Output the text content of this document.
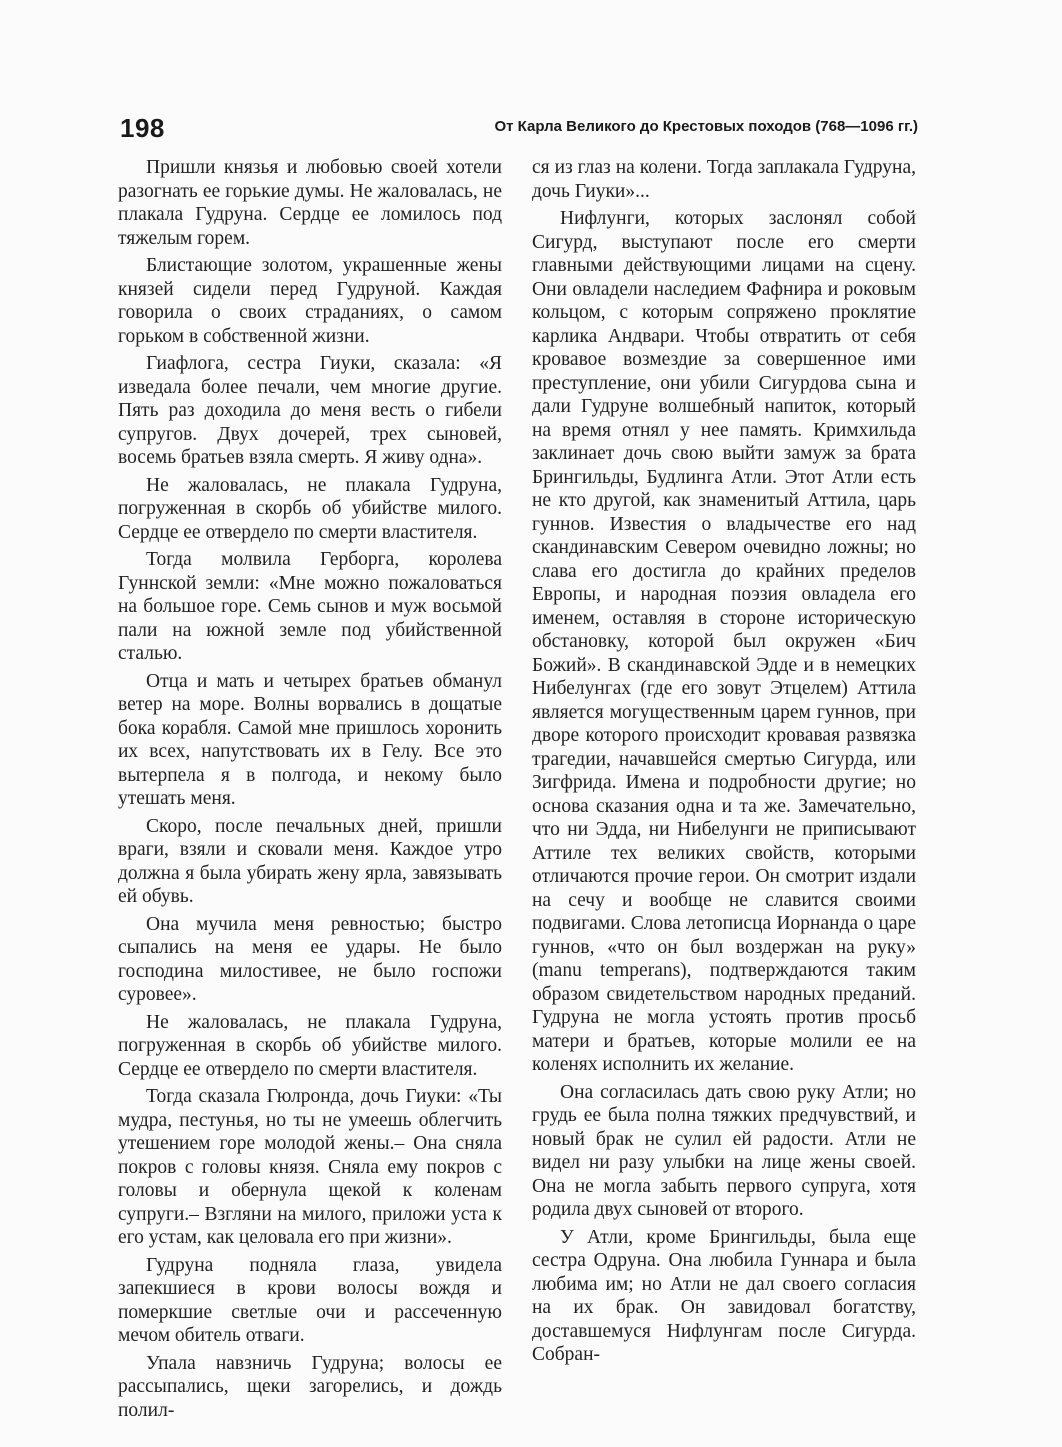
198	От Карла Великого до Крестовых походов (768—1096 гг.)

Пришли князья и любовью своей хотели разогнать ее горькие думы. Не жаловалась, не плакала Гудруна. Сердце ее ломилось под тяжелым горем.

Блистающие золотом, украшенные жены князей сидели перед Гудруной. Каждая говорила о своих страданиях, о самом горьком в собственной жизни.

Гиафлога, сестра Гиуки, сказала: «Я изведала более печали, чем многие другие. Пять раз доходила до меня весть о гибели супругов. Двух дочерей, трех сыновей, восемь братьев взяла смерть. Я живу одна».

Не жаловалась, не плакала Гудруна, погруженная в скорбь об убийстве милого. Сердце ее отвердело по смерти властителя.

Тогда молвила Герборга, королева Гуннской земли: «Мне можно пожаловаться на большое горе. Семь сынов и муж восьмой пали на южной земле под убийственной сталью.

Отца и мать и четырех братьев обманул ветер на море. Волны ворвались в дощатые бока корабля. Самой мне пришлось хоронить их всех, напутствовать их в Гелу. Все это вытерпела я в полгода, и некому было утешать меня.

Скоро, после печальных дней, пришли враги, взяли и сковали меня. Каждое утро должна я была убирать жену ярла, завязывать ей обувь.

Она мучила меня ревностью; быстро сыпались на меня ее удары. Не было господина милостивее, не было госпожи суровее».

Не жаловалась, не плакала Гудруна, погруженная в скорбь об убийстве милого. Сердце ее отвердело по смерти властителя.

Тогда сказала Гюлронда, дочь Гиуки: «Ты мудра, пестунья, но ты не умеешь облегчить утешением горе молодой жены.– Она сняла покров с головы князя. Сняла ему покров с головы и обернула щекой к коленам супруги.– Взгляни на милого, приложи уста к его устам, как целовала его при жизни».

Гудруна подняла глаза, увидела запекшиеся в крови волосы вождя и померкшие светлые очи и рассеченную мечом обитель отваги.

Упала навзничь Гудруна; волосы ее рассыпались, щеки загорелись, и дождь полил-

ся из глаз на колени. Тогда заплакала Гудруна, дочь Гиуки»...

Нифлунги, которых заслонял собой Сигурд, выступают после его смерти главными действующими лицами на сцену. Они овладели наследием Фафнира и роковым кольцом, с которым сопряжено проклятие карлика Андвари. Чтобы отвратить от себя кровавое возмездие за совершенное ими преступление, они убили Сигурдова сына и дали Гудруне волшебный напиток, который на время отнял у нее память. Кримхильда заклинает дочь свою выйти замуж за брата Брингильды, Будлинга Атли. Этот Атли есть не кто другой, как знаменитый Аттила, царь гуннов. Известия о владычестве его над скандинавским Севером очевидно ложны; но слава его достигла до крайних пределов Европы, и народная поэзия овладела его именем, оставляя в стороне историческую обстановку, которой был окружен «Бич Божий». В скандинавской Эдде и в немецких Нибелунгах (где его зовут Этцелем) Аттила является могущественным царем гуннов, при дворе которого происходит кровавая развязка трагедии, начавшейся смертью Сигурда, или Зигфрида. Имена и подробности другие; но основа сказания одна и та же. Замечательно, что ни Эдда, ни Нибелунги не приписывают Аттиле тех великих свойств, которыми отличаются прочие герои. Он смотрит издали на сечу и вообще не славится своими подвигами. Слова летописца Иорнанда о царе гуннов, «что он был воздержан на руку» (manu temperans), подтверждаются таким образом свидетельством народных преданий. Гудруна не могла устоять против просьб матери и братьев, которые молили ее на коленях исполнить их желание.

Она согласилась дать свою руку Атли; но грудь ее была полна тяжких предчувствий, и новый брак не сулил ей радости. Атли не видел ни разу улыбки на лице жены своей. Она не могла забыть первого супруга, хотя родила двух сыновей от второго.

У Атли, кроме Брингильды, была еще сестра Одруна. Она любила Гуннара и была любима им; но Атли не дал своего согласия на их брак. Он завидовал богатству, доставшемуся Нифлунгам после Сигурда. Собран-
